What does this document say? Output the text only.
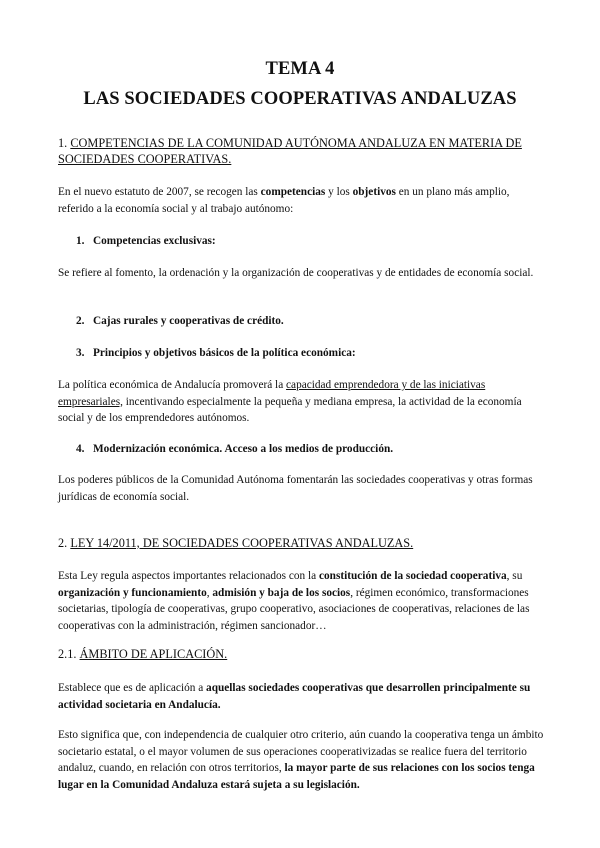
TEMA 4
LAS SOCIEDADES COOPERATIVAS ANDALUZAS
1. COMPETENCIAS DE LA COMUNIDAD AUTÓNOMA ANDALUZA EN MATERIA DE
SOCIEDADES COOPERATIVAS.

En el nuevo estatuto de 2007, se recogen las competencias y los objetivos en un plano más amplio, referido a la economía social y al trabajo autónomo:

1. Competencias exclusivas:

Se refiere al fomento, la ordenación y la organización de cooperativas y de entidades de economía social.

2. Cajas rurales y cooperativas de crédito.
3. Principios y objetivos básicos de la política económica:

La política económica de Andalucía promoverá la capacidad emprendedora y de las iniciativas empresariales, incentivando especialmente la pequeña y mediana empresa, la actividad de la economía social y de los emprendedores autónomos.

4. Modernización económica. Acceso a los medios de producción.

Los poderes públicos de la Comunidad Autónoma fomentarán las sociedades cooperativas y otras formas jurídicas de economía social.

2. LEY 14/2011, DE SOCIEDADES COOPERATIVAS ANDALUZAS.

Esta Ley regula aspectos importantes relacionados con la constitución de la sociedad cooperativa, su organización y funcionamiento, admisión y baja de los socios, régimen económico, transformaciones societarias, tipología de cooperativas, grupo cooperativo, asociaciones de cooperativas, relaciones de las cooperativas con la administración, régimen sancionador…

2.1. ÁMBITO DE APLICACIÓN.

Establece que es de aplicación a aquellas sociedades cooperativas que desarrollen principalmente su actividad societaria en Andalucía.

Esto significa que, con independencia de cualquier otro criterio, aún cuando la cooperativa tenga un ámbito societario estatal, o el mayor volumen de sus operaciones cooperativizadas se realice fuera del territorio andaluz, cuando, en relación con otros territorios, la mayor parte de sus relaciones con los socios tenga lugar en la Comunidad Andaluza estará sujeta a su legislación.
